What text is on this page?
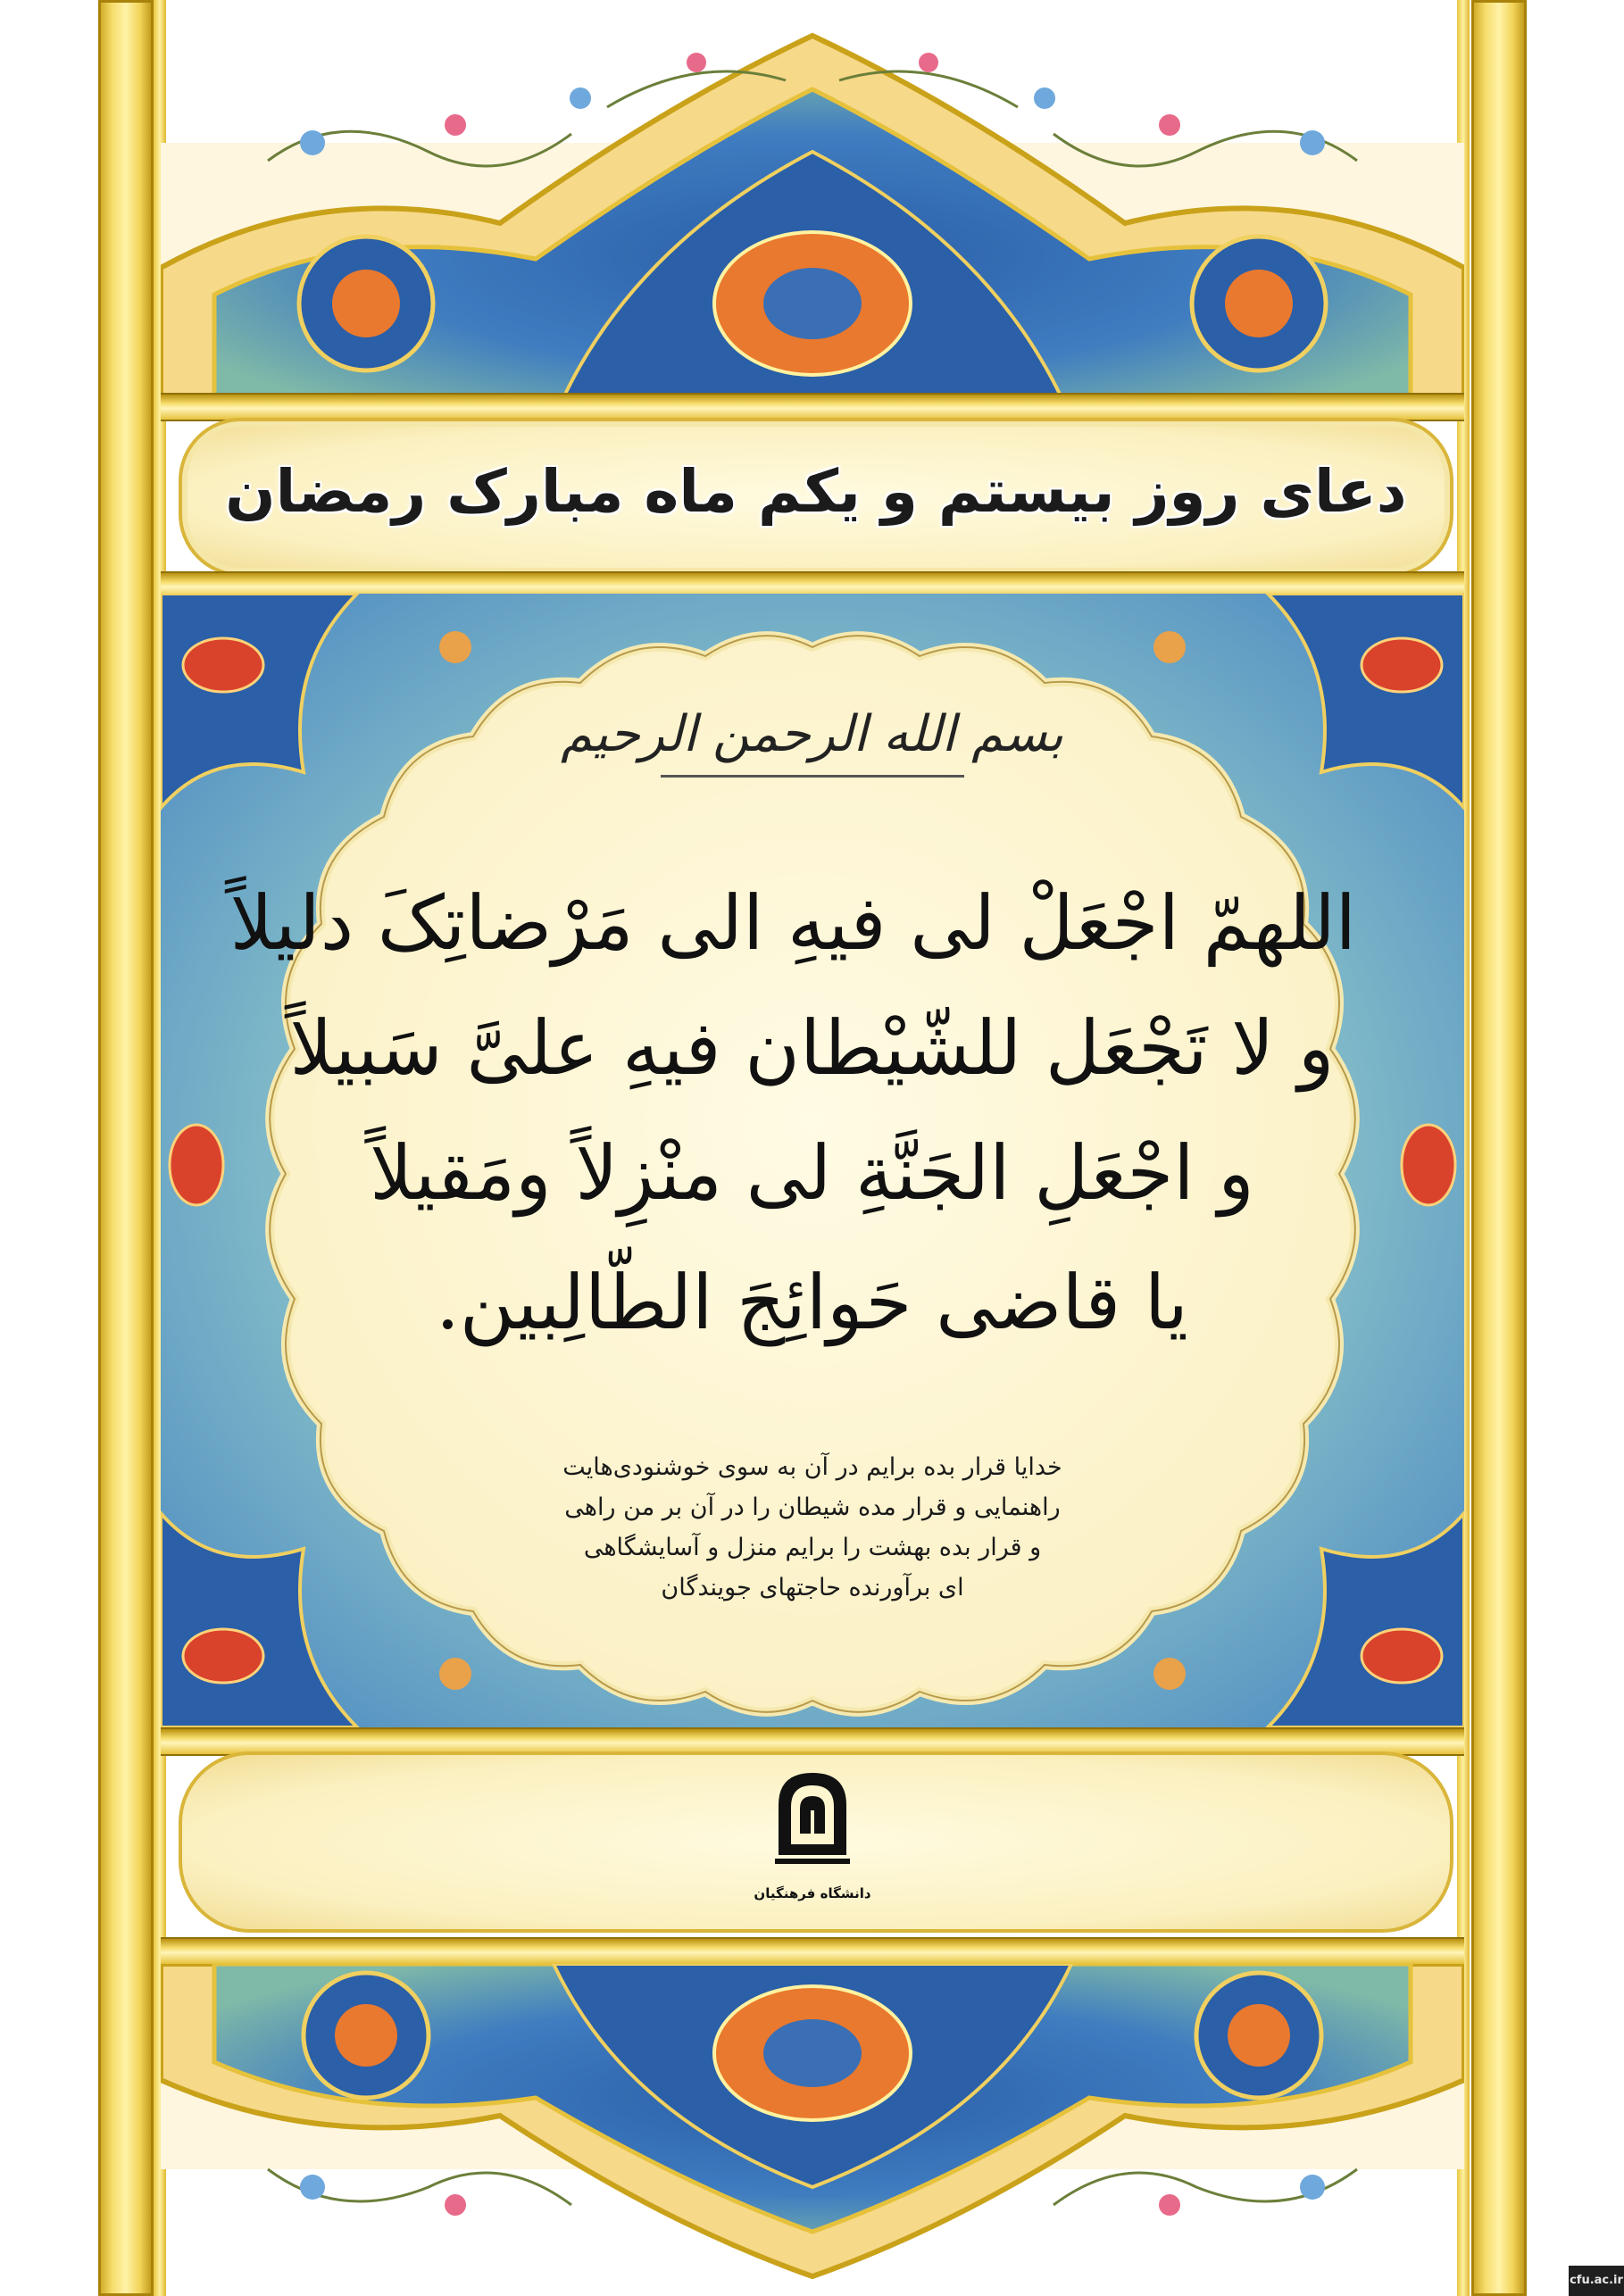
دعای روز بیستم و یکم ماه مبارک رمضان
بسم الله الرحمن الرحیم
اللهمّ اجْعَلْ لی فیهِ الی مَرْضاتِکَ دلیلاً
و لا تَجْعَل للشّیْطان فیهِ علیَّ سَبیلاً
و اجْعَلِ الجَنَّةِ لی منْزِلاً ومَقیلاً
یا قاضی حَوائِجَ الطّالِبین.
خدایا قرار بده برایم در آن به سوی خوشنودی‌هایت
راهنمایی و قرار مده شیطان را در آن بر من راهی
و قرار بده بهشت را برایم منزل و آسایشگاهی
ای برآورنده حاجتهای جویندگان
دانشگاه فرهنگیان
cfu.ac.ir
